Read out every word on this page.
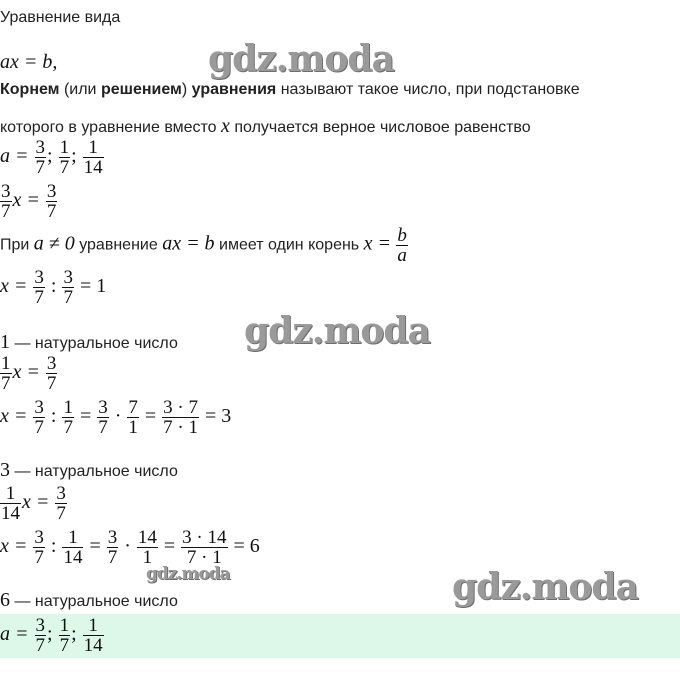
Уравнение вида
ax = b,
Корнем (или решением) уравнения называют такое число, при подстановке
которого в уравнение вместо x получается верное числовое равенство
$a = \frac{3}{7}$ ; $\frac{1}{7}$ ; $\frac{1}{14}$
$\frac{3}{7}$ $x = \frac{3}{7}$
При a ≠ 0 уравнение ax = b имеет один корень $x = \frac{b}{a}$
$x = \frac{3}{7}$ : $\frac{3}{7} = 1$
1 — натуральное число
$\frac{1}{7}$ $x = \frac{3}{7}$
$x = \frac{3}{7}$ : $\frac{1}{7} = \frac{3}{7} \cdot \frac{7}{1} = \frac{3 \cdot 7}{7 \cdot 1} = 3$
3 — натуральное число
$\frac{1}{14}$ $x = \frac{3}{7}$
$x = \frac{3}{7}$ : $\frac{1}{14} = \frac{3}{7} \cdot \frac{14}{1} = \frac{3 \cdot 14}{7 \cdot 1} = 6$
6 — натуральное число
$a = \frac{3}{7}$ ; $\frac{1}{7}$ ; $\frac{1}{14}$
gdz.moda
gdz.moda
gdz.moda	gdz.moda
